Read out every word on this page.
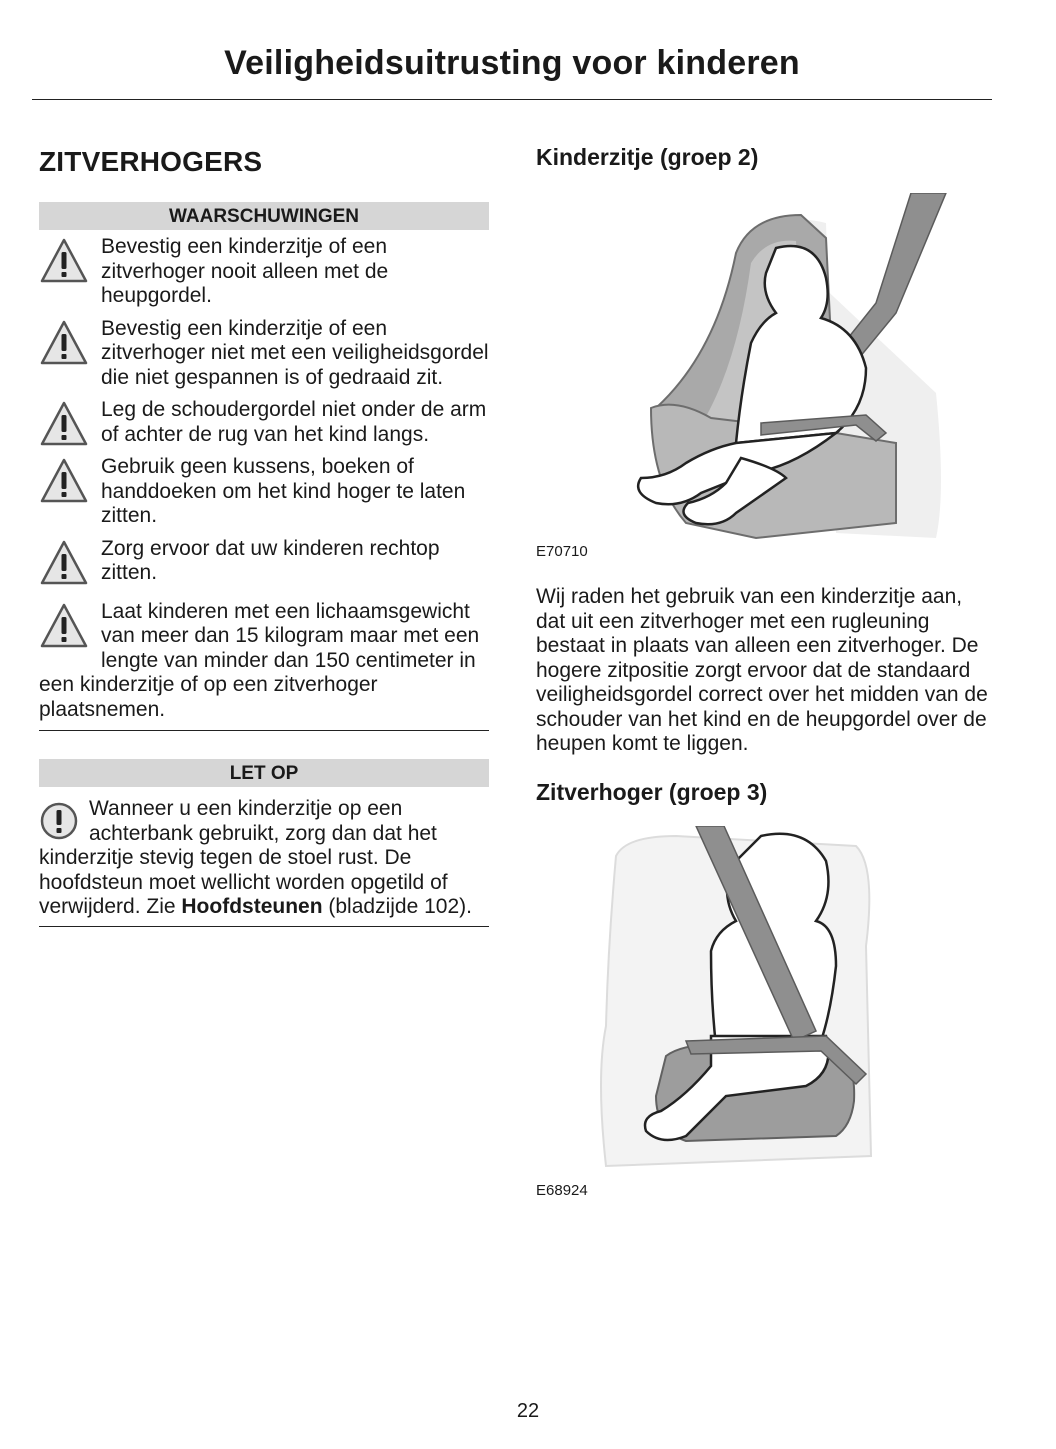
Veiligheidsuitrusting voor kinderen
ZITVERHOGERS
WAARSCHUWINGEN
Bevestig een kinderzitje of een zitverhoger nooit alleen met de heupgordel.
Bevestig een kinderzitje of een zitverhoger niet met een veiligheidsgordel die niet gespannen is of gedraaid zit.
Leg de schoudergordel niet onder de arm of achter de rug van het kind langs.
Gebruik geen kussens, boeken of handdoeken om het kind hoger te laten zitten.
Zorg ervoor dat uw kinderen rechtop zitten.
Laat kinderen met een lichaamsgewicht van meer dan 15 kilogram maar met een lengte van minder dan 150 centimeter in een kinderzitje of op een zitverhoger plaatsnemen.
LET OP
Wanneer u een kinderzitje op een achterbank gebruikt, zorg dan dat het kinderzitje stevig tegen de stoel rust. De hoofdsteun moet wellicht worden opgetild of verwijderd. Zie Hoofdsteunen (bladzijde 102).
Kinderzitje (groep 2)
E70710
Wij raden het gebruik van een kinderzitje aan, dat uit een zitverhoger met een rugleuning bestaat in plaats van alleen een zitverhoger. De hogere zitpositie zorgt ervoor dat de standaard veiligheidsgordel correct over het midden van de schouder van het kind en de heupgordel over de heupen komt te liggen.
Zitverhoger (groep 3)
E68924
22
